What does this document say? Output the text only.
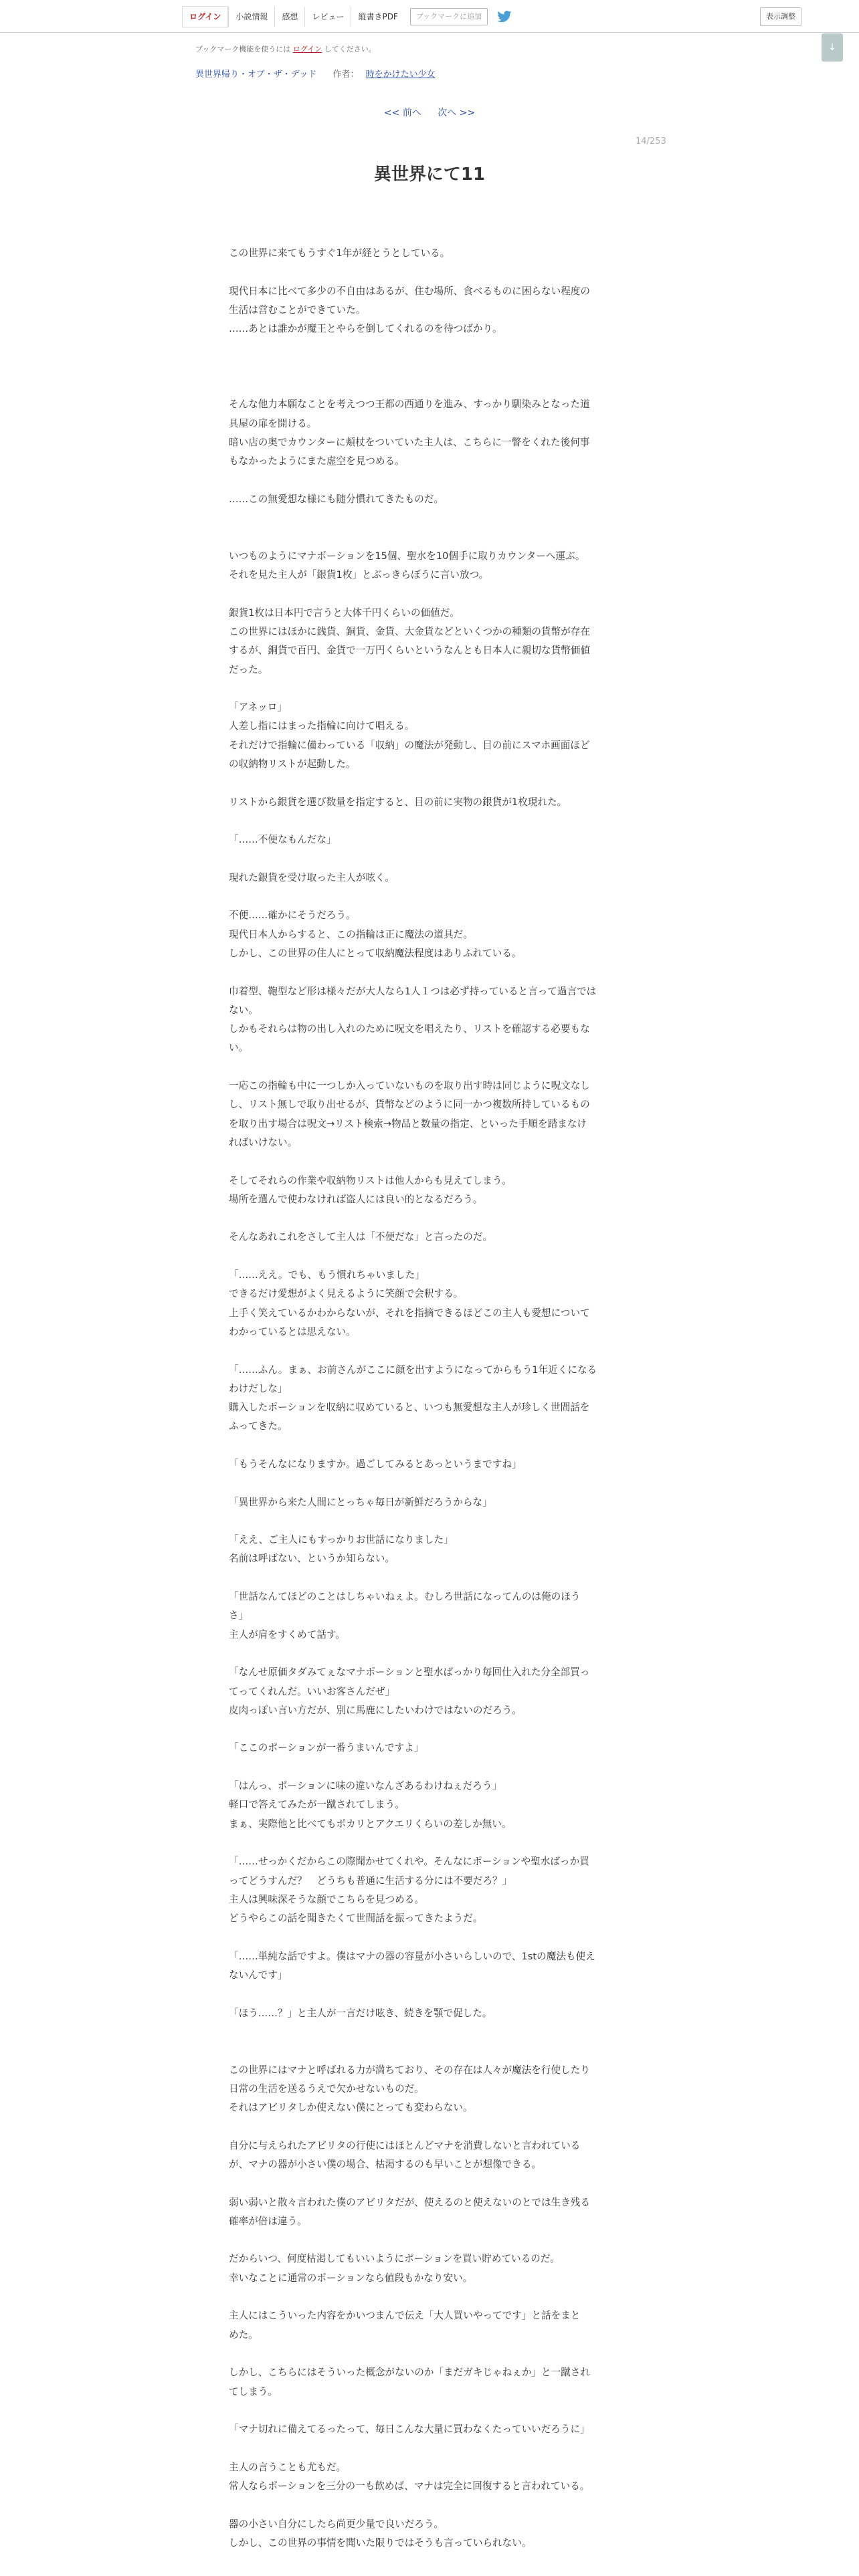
ログイン	小説情報	感想	レビュー	縦書きPDF	ブックマークに追加	表示調整
ブックマーク機能を使うには ログイン してください。
異世界帰り・オブ・ザ・デッド 作者： 時をかけたい少女
↓
<< 前へ 次へ >>
14/253
異世界にて11

この世界に来てもうすぐ1年が経とうとしている。

現代日本に比べて多少の不自由はあるが、住む場所、食べるものに困らない程度の

生活は営むことができていた。

……あとは誰かが魔王とやらを倒してくれるのを待つばかり。

そんな他力本願なことを考えつつ王都の西通りを進み、すっかり馴染みとなった道

具屋の扉を開ける。

暗い店の奥でカウンターに頬杖をついていた主人は、こちらに一瞥をくれた後何事

もなかったようにまた虚空を見つめる。

……この無愛想な様にも随分慣れてきたものだ。

いつものようにマナポーションを15個、聖水を10個手に取りカウンターへ運ぶ。

それを見た主人が「銀貨1枚」とぶっきらぼうに言い放つ。

銀貨1枚は日本円で言うと大体千円くらいの価値だ。

この世界にはほかに銭貨、銅貨、金貨、大金貨などといくつかの種類の貨幣が存在

するが、銅貨で百円、金貨で一万円くらいというなんとも日本人に親切な貨幣価値

だった。

「アネッロ」

人差し指にはまった指輪に向けて唱える。

それだけで指輪に備わっている「収納」の魔法が発動し、目の前にスマホ画面ほど

の収納物リストが起動した。

リストから銀貨を選び数量を指定すると、目の前に実物の銀貨が1枚現れた。

「……不便なもんだな」

現れた銀貨を受け取った主人が呟く。

不便……確かにそうだろう。

現代日本人からすると、この指輪は正に魔法の道具だ。

しかし、この世界の住人にとって収納魔法程度はありふれている。

巾着型、鞄型など形は様々だが大人なら1人１つは必ず持っていると言って過言では

ない。

しかもそれらは物の出し入れのために呪文を唱えたり、リストを確認する必要もな

い。

一応この指輪も中に一つしか入っていないものを取り出す時は同じように呪文なし

し、リスト無しで取り出せるが、貨幣などのように同一かつ複数所持しているもの

を取り出す場合は呪文→リスト検索→物品と数量の指定、といった手順を踏まなけ

ればいけない。

そしてそれらの作業や収納物リストは他人からも見えてしまう。

場所を選んで使わなければ盗人には良い的となるだろう。

そんなあれこれをさして主人は「不便だな」と言ったのだ。

「……ええ。でも、もう慣れちゃいました」

できるだけ愛想がよく見えるように笑顔で会釈する。

上手く笑えているかわからないが、それを指摘できるほどこの主人も愛想について

わかっているとは思えない。

「……ふん。まぁ、お前さんがここに顔を出すようになってからもう1年近くになる

わけだしな」

購入したポーションを収納に収めていると、いつも無愛想な主人が珍しく世間話を

ふってきた。

「もうそんなになりますか。過ごしてみるとあっというまですね」

「異世界から来た人間にとっちゃ毎日が新鮮だろうからな」

「ええ、ご主人にもすっかりお世話になりました」

名前は呼ばない、というか知らない。

「世話なんてほどのことはしちゃいねぇよ。むしろ世話になってんのは俺のほう

さ」

主人が肩をすくめて話す。

「なんせ原価タダみてぇなマナポーションと聖水ばっかり毎回仕入れた分全部買っ

てってくれんだ。いいお客さんだぜ」

皮肉っぽい言い方だが、別に馬鹿にしたいわけではないのだろう。

「ここのポーションが一番うまいんですよ」

「はんっ、ポーションに味の違いなんざあるわけねぇだろう」

軽口で答えてみたが一蹴されてしまう。

まぁ、実際他と比べてもポカリとアクエリくらいの差しか無い。

「……せっかくだからこの際聞かせてくれや。そんなにポーションや聖水ばっか買

ってどうすんだ？　どうちも普通に生活する分には不要だろ？」

主人は興味深そうな顔でこちらを見つめる。

どうやらこの話を聞きたくて世間話を振ってきたようだ。

「……単純な話ですよ。僕はマナの器の容量が小さいらしいので、1stの魔法も使え

ないんです」

「ほう……？」と主人が一言だけ呟き、続きを顎で促した。

この世界にはマナと呼ばれる力が満ちており、その存在は人々が魔法を行使したり

日常の生活を送るうえで欠かせないものだ。

それはアビリタしか使えない僕にとっても変わらない。

自分に与えられたアビリタの行使にはほとんどマナを消費しないと言われている

が、マナの器が小さい僕の場合、枯渇するのも早いことが想像できる。

弱い弱いと散々言われた僕のアビリタだが、使えるのと使えないのとでは生き残る

確率が倍は違う。

だからいつ、何度枯渇してもいいようにポーションを買い貯めているのだ。

幸いなことに通常のポーションなら値段もかなり安い。

主人にはこういった内容をかいつまんで伝え「大人買いやってです」と話をまと

めた。

しかし、こちらにはそういった概念がないのか「まだガキじゃねぇか」と一蹴され

てしまう。

「マナ切れに備えてるったって、毎日こんな大量に買わなくたっていいだろうに」

主人の言うことも尤もだ。

常人ならポーションを三分の一も飲めば、マナは完全に回復すると言われている。

器の小さい自分にしたら尚更少量で良いだろう。

しかし、この世界の事情を聞いた限りではそうも言っていられない。
